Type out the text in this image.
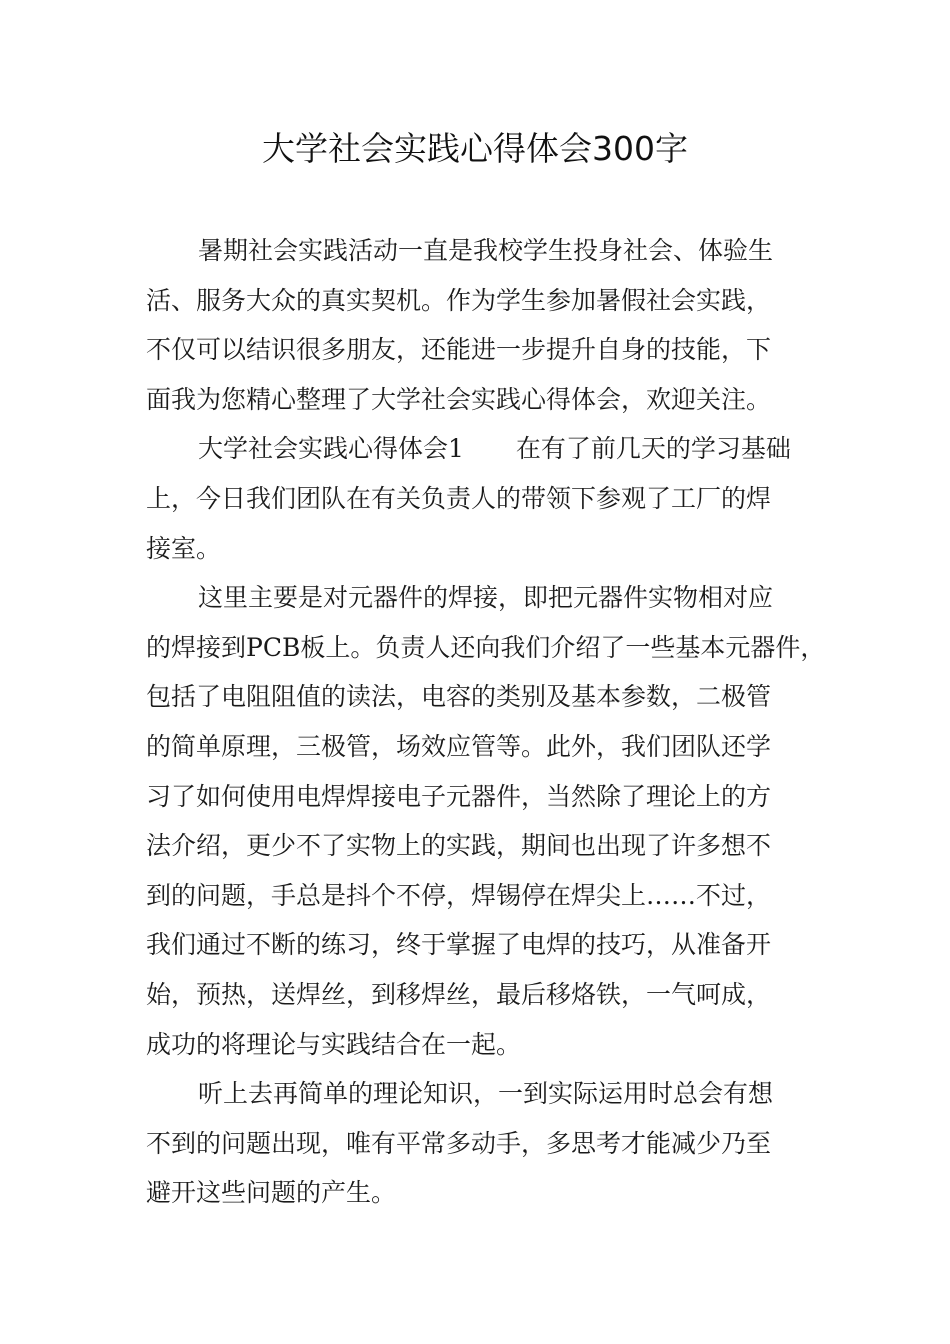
大学社会实践心得体会300字
暑期社会实践活动一直是我校学生投身社会、体验生
活、服务大众的真实契机。作为学生参加暑假社会实践，
不仅可以结识很多朋友，还能进一步提升自身的技能，下
面我为您精心整理了大学社会实践心得体会，欢迎关注。
大学社会实践心得体会1 在有了前几天的学习基础
上，今日我们团队在有关负责人的带领下参观了工厂的焊
接室。
这里主要是对元器件的焊接，即把元器件实物相对应
的焊接到PCB板上。负责人还向我们介绍了一些基本元器件，
包括了电阻阻值的读法，电容的类别及基本参数，二极管
的简单原理，三极管，场效应管等。此外，我们团队还学
习了如何使用电焊焊接电子元器件，当然除了理论上的方
法介绍，更少不了实物上的实践，期间也出现了许多想不
到的问题，手总是抖个不停，焊锡停在焊尖上……不过，
我们通过不断的练习，终于掌握了电焊的技巧，从准备开
始，预热，送焊丝，到移焊丝，最后移烙铁，一气呵成，
成功的将理论与实践结合在一起。
听上去再简单的理论知识，一到实际运用时总会有想
不到的问题出现，唯有平常多动手，多思考才能减少乃至
避开这些问题的产生。
